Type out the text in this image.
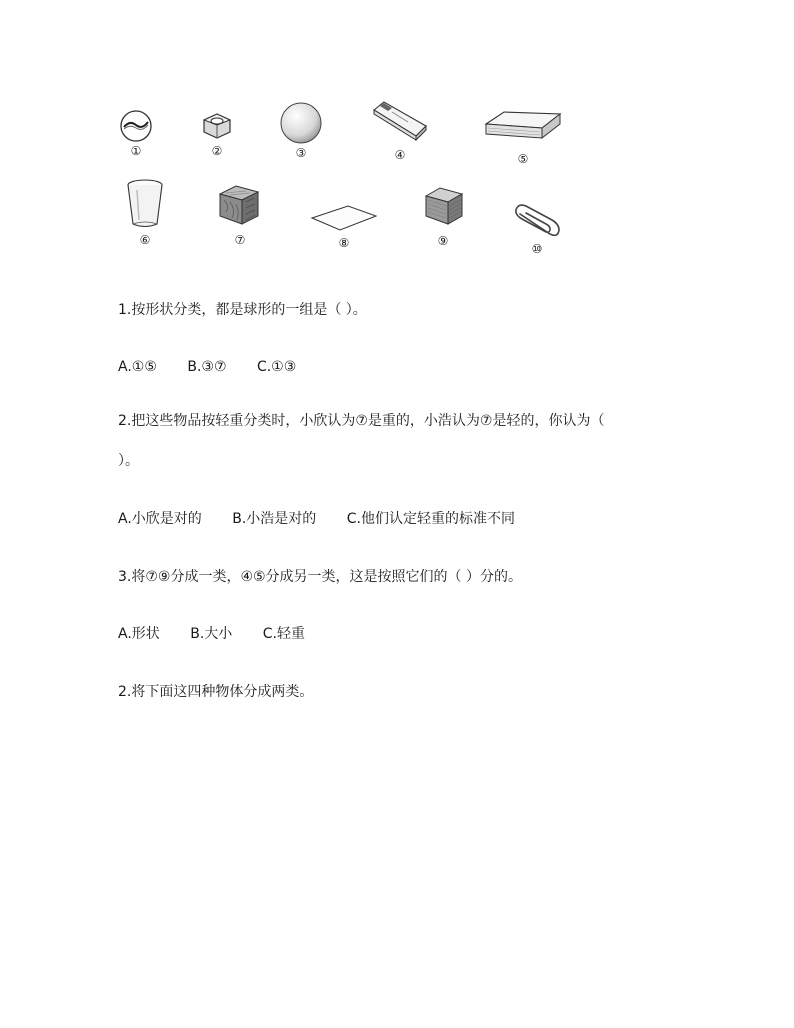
①	②	③	④	⑤
⑥	⑦	⑧	⑨
⑩
1.按形状分类，都是球形的一组是（ ）。
A.①⑤ B.③⑦ C.①③
2.把这些物品按轻重分类时，小欣认为⑦是重的，小浩认为⑦是轻的，你认为（
）。
A.小欣是对的 B.小浩是对的 C.他们认定轻重的标准不同
3.将⑦⑨分成一类，④⑤分成另一类，这是按照它们的（ ）分的。
A.形状 B.大小 C.轻重
2.将下面这四种物体分成两类。
